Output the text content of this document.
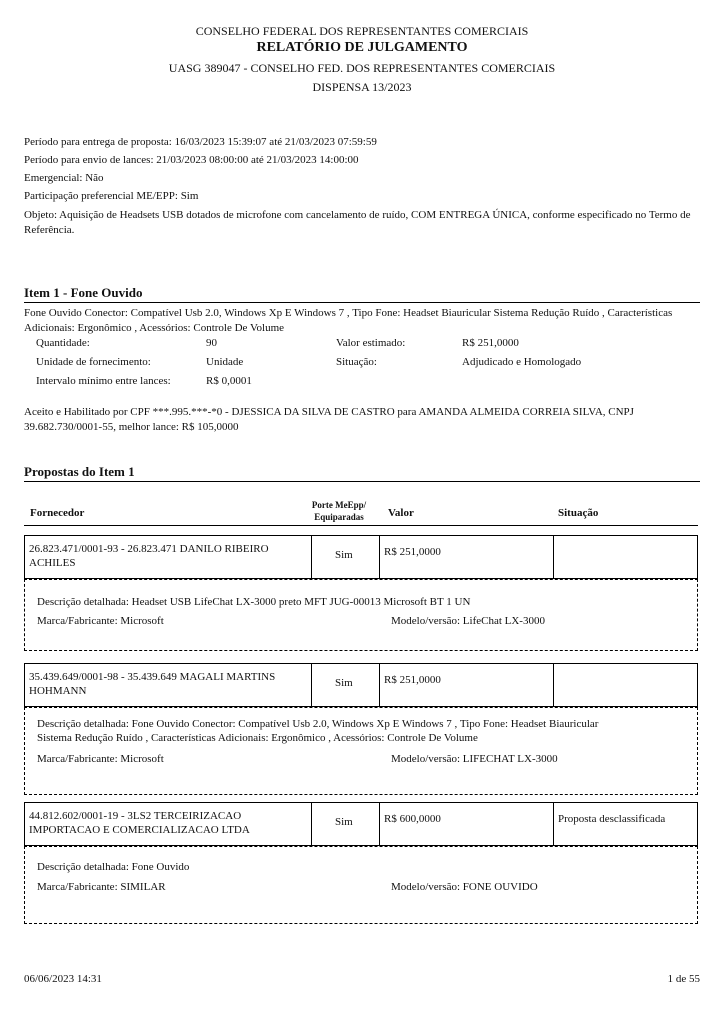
CONSELHO FEDERAL DOS REPRESENTANTES COMERCIAIS
RELATÓRIO DE JULGAMENTO
UASG 389047 - CONSELHO FED. DOS REPRESENTANTES COMERCIAIS
DISPENSA 13/2023
Período para entrega de proposta: 16/03/2023 15:39:07 até 21/03/2023 07:59:59
Período para envio de lances: 21/03/2023 08:00:00 até 21/03/2023 14:00:00
Emergencial: Não
Participação preferencial ME/EPP: Sim
Objeto: Aquisição de Headsets USB dotados de microfone com cancelamento de ruído, COM ENTREGA ÚNICA, conforme especificado no Termo de Referência.
Item 1 - Fone Ouvido
Fone Ouvido Conector: Compatível Usb 2.0, Windows Xp E Windows 7 , Tipo Fone: Headset Biauricular Sistema Redução Ruído , Características Adicionais: Ergonômico , Acessórios: Controle De Volume
Quantidade:	90	Valor estimado:	R$ 251,0000
Unidade de fornecimento:	Unidade	Situação:	Adjudicado e Homologado
Intervalo mínimo entre lances:	R$ 0,0001
Aceito e Habilitado por CPF ***.995.***-*0 - DJESSICA DA SILVA DE CASTRO para AMANDA ALMEIDA CORREIA SILVA, CNPJ 39.682.730/0001-55, melhor lance: R$ 105,0000
Propostas do Item 1
Fornecedor
Porte MeEpp/
Equiparadas	Valor	Situação
26.823.471/0001-93 - 26.823.471 DANILO RIBEIRO
ACHILES
Sim	R$ 251,0000
Descrição detalhada: Headset USB LifeChat LX-3000 preto MFT JUG-00013 Microsoft BT 1 UN
Marca/Fabricante: Microsoft	Modelo/versão: LifeChat LX-3000
35.439.649/0001-98 - 35.439.649 MAGALI MARTINS
HOHMANN
Sim	R$ 251,0000
Descrição detalhada: Fone Ouvido Conector: Compatível Usb 2.0, Windows Xp E Windows 7 , Tipo Fone: Headset Biauricular
Sistema Redução Ruído , Características Adicionais: Ergonômico , Acessórios: Controle De Volume
Marca/Fabricante: Microsoft	Modelo/versão: LIFECHAT LX-3000
44.812.602/0001-19 - 3LS2 TERCEIRIZACAO
IMPORTACAO E COMERCIALIZACAO LTDA
Sim	R$ 600,0000	Proposta desclassificada
Descrição detalhada: Fone Ouvido
Marca/Fabricante: SIMILAR	Modelo/versão: FONE OUVIDO
06/06/2023 14:31	1 de 55
